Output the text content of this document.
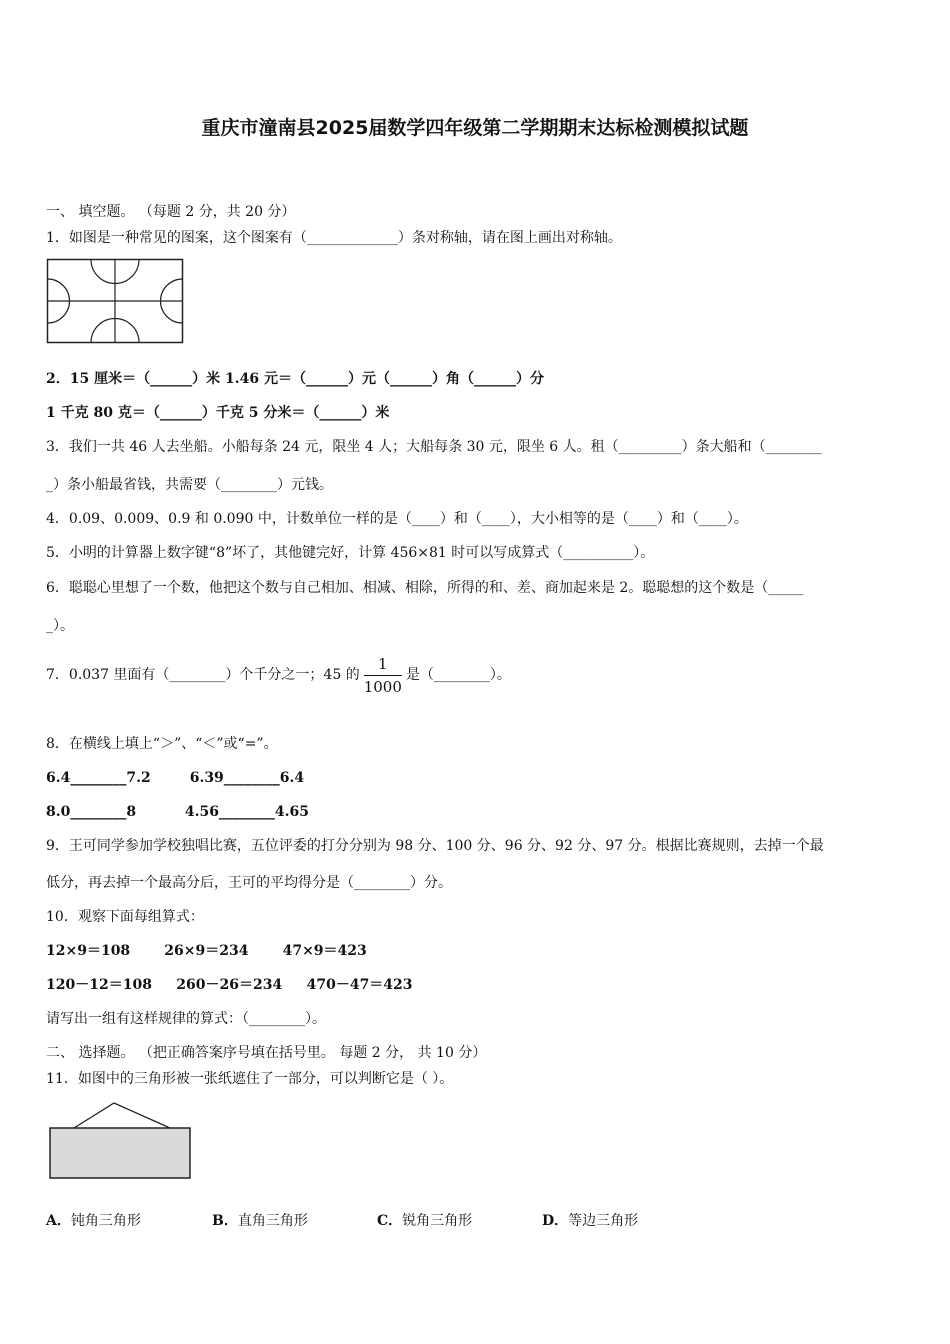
重庆市潼南县2025届数学四年级第二学期期末达标检测模拟试题
一、 填空题。 （每题 2 分，共 20 分）
1．如图是一种常见的图案，这个图案有（_____________）条对称轴，请在图上画出对称轴。
2．15 厘米＝（______）米 1.46 元＝（______）元（______）角（______）分
1 千克 80 克＝（______）千克 5 分米＝（______）米
3．我们一共 46 人去坐船。小船每条 24 元，限坐 4 人；大船每条 30 元，限坐 6 人。租（_________）条大船和（________
_）条小船最省钱，共需要（________）元钱。
4．0.09、0.009、0.9 和 0.090 中，计数单位一样的是（____）和（____），大小相等的是（____）和（____）。
5．小明的计算器上数字键“8”坏了，其他键完好，计算 456×81 时可以写成算式（__________）。
6．聪聪心里想了一个数，他把这个数与自己相加、相减、相除，所得的和、差、商加起来是 2。聪聪想的这个数是（_____
_）。
7．0.037 里面有（________）个千分之一；45 的 $\frac{1}{1000}$ 是（________）。
8．在横线上填上“＞”、“＜”或“=”。
6.4________7.2        6.39________6.4
8.0________8          4.56________4.65
9．王可同学参加学校独唱比赛，五位评委的打分分别为 98 分、100 分、96 分、92 分、97 分。根据比赛规则，去掉一个最
低分，再去掉一个最高分后，王可的平均得分是（________）分。
10．观察下面每组算式：
12×9＝108       26×9＝234       47×9＝423
120－12＝108     260－26＝234     470－47＝423
请写出一组有这样规律的算式：（________）。
二、 选择题。 （把正确答案序号填在括号里。 每题 2 分， 共 10 分）
11．如图中的三角形被一张纸遮住了一部分，可以判断它是（ ）。
A．钝角三角形	B．直角三角形	C．锐角三角形	D．等边三角形
